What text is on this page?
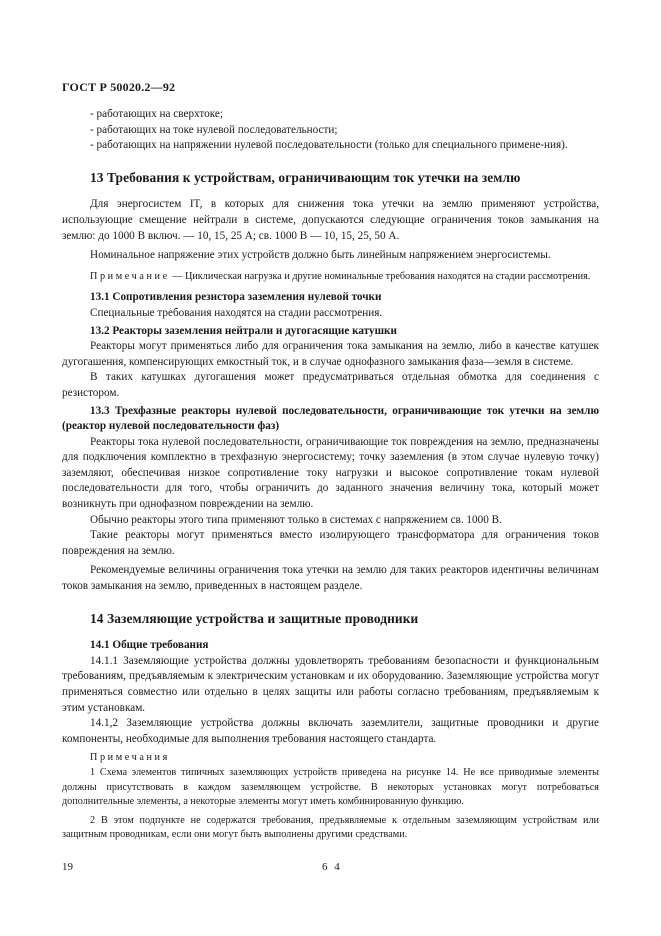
ГОСТ Р 50020.2—92

- работающих на сверхтоке;

- работающих на токе нулевой последовательности;

- работающих на напряжении нулевой последовательности (только для специального примене-ния).

13 Требования к устройствам, ограничивающим ток утечки на землю

Для энергосистем IT, в которых для снижения тока утечки на землю применяют устройства, использующие смещение нейтрали в системе, допускаются следующие ограничения токов замыкания на землю: до 1000 В включ. — 10, 15, 25 А; св. 1000 В — 10, 15, 25, 50 А.

Номинальное напряжение этих устройств должно быть линейным напряжением энергосистемы.

Примечание — Циклическая нагрузка и другие номинальные требования находятся на стадии рассмотрения.

13.1 Сопротивления резистора заземления нулевой точки

Специальные требования находятся на стадии рассмотрения.

13.2 Реакторы заземления нейтрали и дугогасящие катушки

Реакторы могут применяться либо для ограничения тока замыкания на землю, либо в качестве катушек дугогашения, компенсирующих емкостный ток, и в случае однофазного замыкания фаза—земля в системе.

В таких катушках дугогашения может предусматриваться отдельная обмотка для соединения с резистором.

13.3 Трехфазные реакторы нулевой последовательности, ограничивающие ток утечки на землю (реактор нулевой последовательности фаз)

Реакторы тока нулевой последовательности, ограничивающие ток повреждения на землю, предназначены для подключения комплектно в трехфазную энергосистему; точку заземления (в этом случае нулевую точку) заземляют, обеспечивая низкое сопротивление току нагрузки и высокое сопротивление токам нулевой последовательности для того, чтобы ограничить до заданного значения величину тока, который может возникнуть при однофазном повреждении на землю.

Обычно реакторы этого типа применяют только в системах с напряжением св. 1000 В.

Такие реакторы могут применяться вместо изолирующего трансформатора для ограничения токов повреждения на землю.

Рекомендуемые величины ограничения тока утечки на землю для таких реакторов идентичны величинам токов замыкания на землю, приведенных в настоящем разделе.

14 Заземляющие устройства и защитные проводники

14.1 Общие требования

14.1.1 Заземляющие устройства должны удовлетворять требованиям безопасности и функциональным требованиям, предъявляемым к электрическим установкам и их оборудованию. Заземляющие устройства могут применяться совместно или отдельно в целях защиты или работы согласно требованиям, предъявляемым к этим установкам.

14.1,2 Заземляющие устройства должны включать заземлители, защитные проводники и другие компоненты, необходимые для выполнения требования настоящего стандарта.

Примечания

1 Схема элементов типичных заземляющих устройств приведена на рисунке 14. Не все приводимые элементы должны присутствовать в каждом заземляющем устройстве. В некоторых установках могут потребоваться дополнительные элементы, а некоторые элементы могут иметь комбинированную функцию.

2 В этом подпункте не содержатся требования, предъявляемые к отдельным заземляющим устройствам или защитным проводникам, если они могут быть выполнены другими средствами.

19	6 4
